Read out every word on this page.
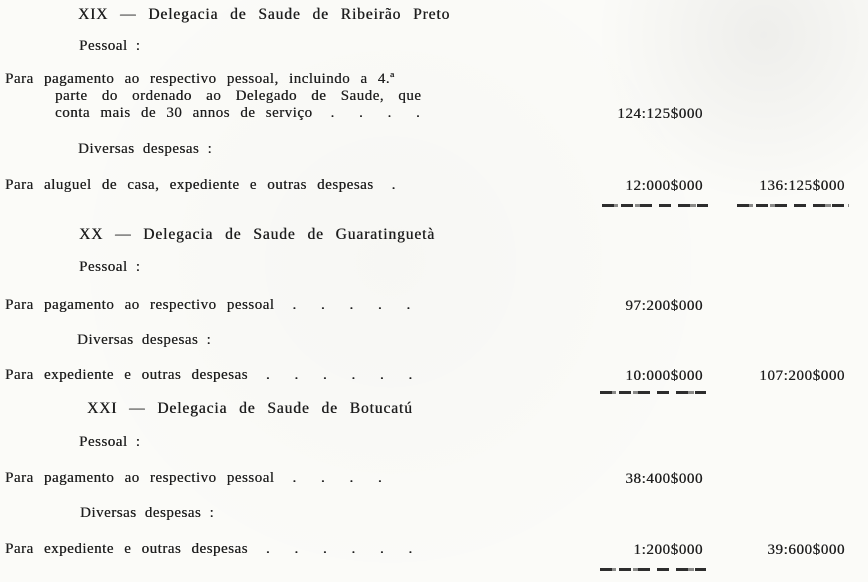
XIX — Delegacia de Saude de Ribeirão Preto
Pessoal :
Para pagamento ao respectivo pessoal, incluindo a 4.ª
parte do ordenado ao Delegado de Saude, que
conta mais de 30 annos de serviço . . . .	124:125$000
Diversas despesas :
Para aluguel de casa, expediente e outras despesas .	12:000$000	136:125$000
XX — Delegacia de Saude de Guaratinguetà
Pessoal :
Para pagamento ao respectivo pessoal . . . . .	97:200$000
Diversas despesas :
Para expediente e outras despesas . . . . . .	10:000$000	107:200$000
XXI — Delegacia de Saude de Botucatú
Pessoal :
Para pagamento ao respectivo pessoal . . . .	38:400$000
Diversas despesas :
Para expediente e outras despesas . . . . . .	1:200$000	39:600$000
